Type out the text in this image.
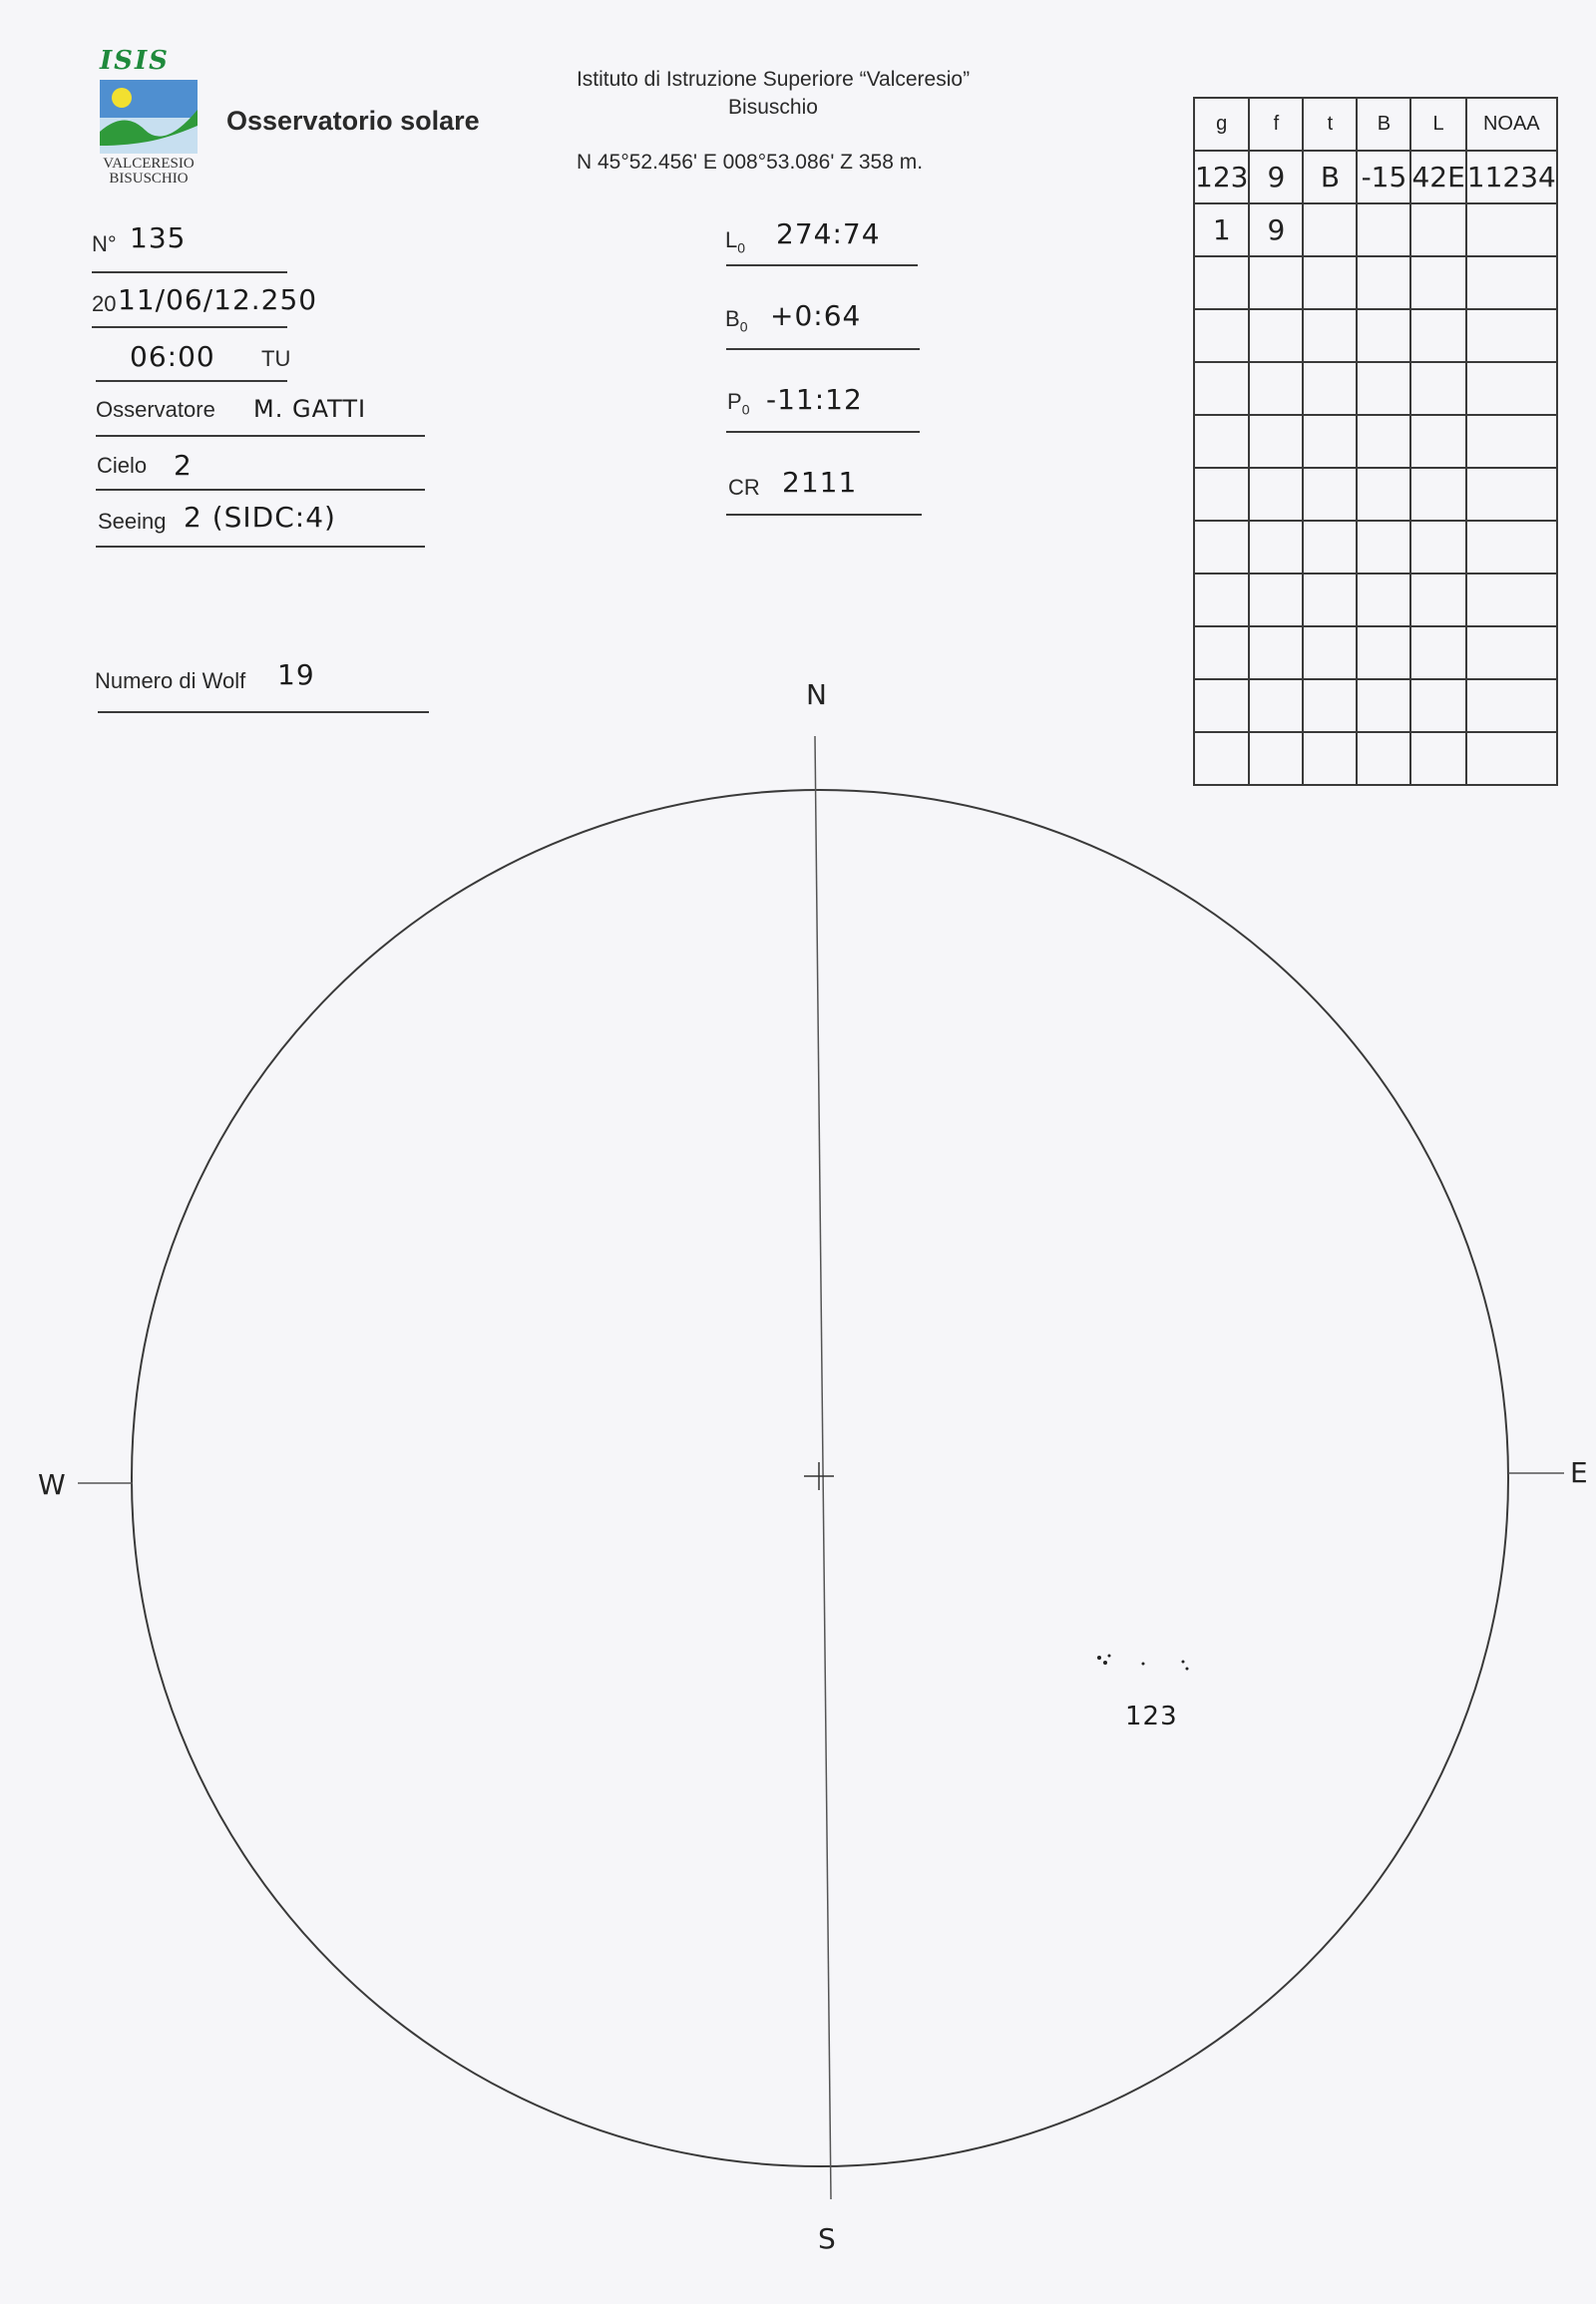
ISIS
VALCERESIO
BISUSCHIO
Osservatorio solare
Istituto di Istruzione Superiore “Valceresio”
Bisuschio
N 45°52.456' E 008°53.086' Z 358 m.
N° 135
20 11/06/12.250
06:00 TU
Osservatore M. GATTI
Cielo 2
Seeing 2 (SIDC:4)
Numero di Wolf 19
$L_0$ 274:74
$B_0$ +0:64
$P_0$ -11:12
CR 2111
g	f	t	B	L	NOAA
123	9	B	-15	42E	11234
1	9				

N
S
W	E
123
